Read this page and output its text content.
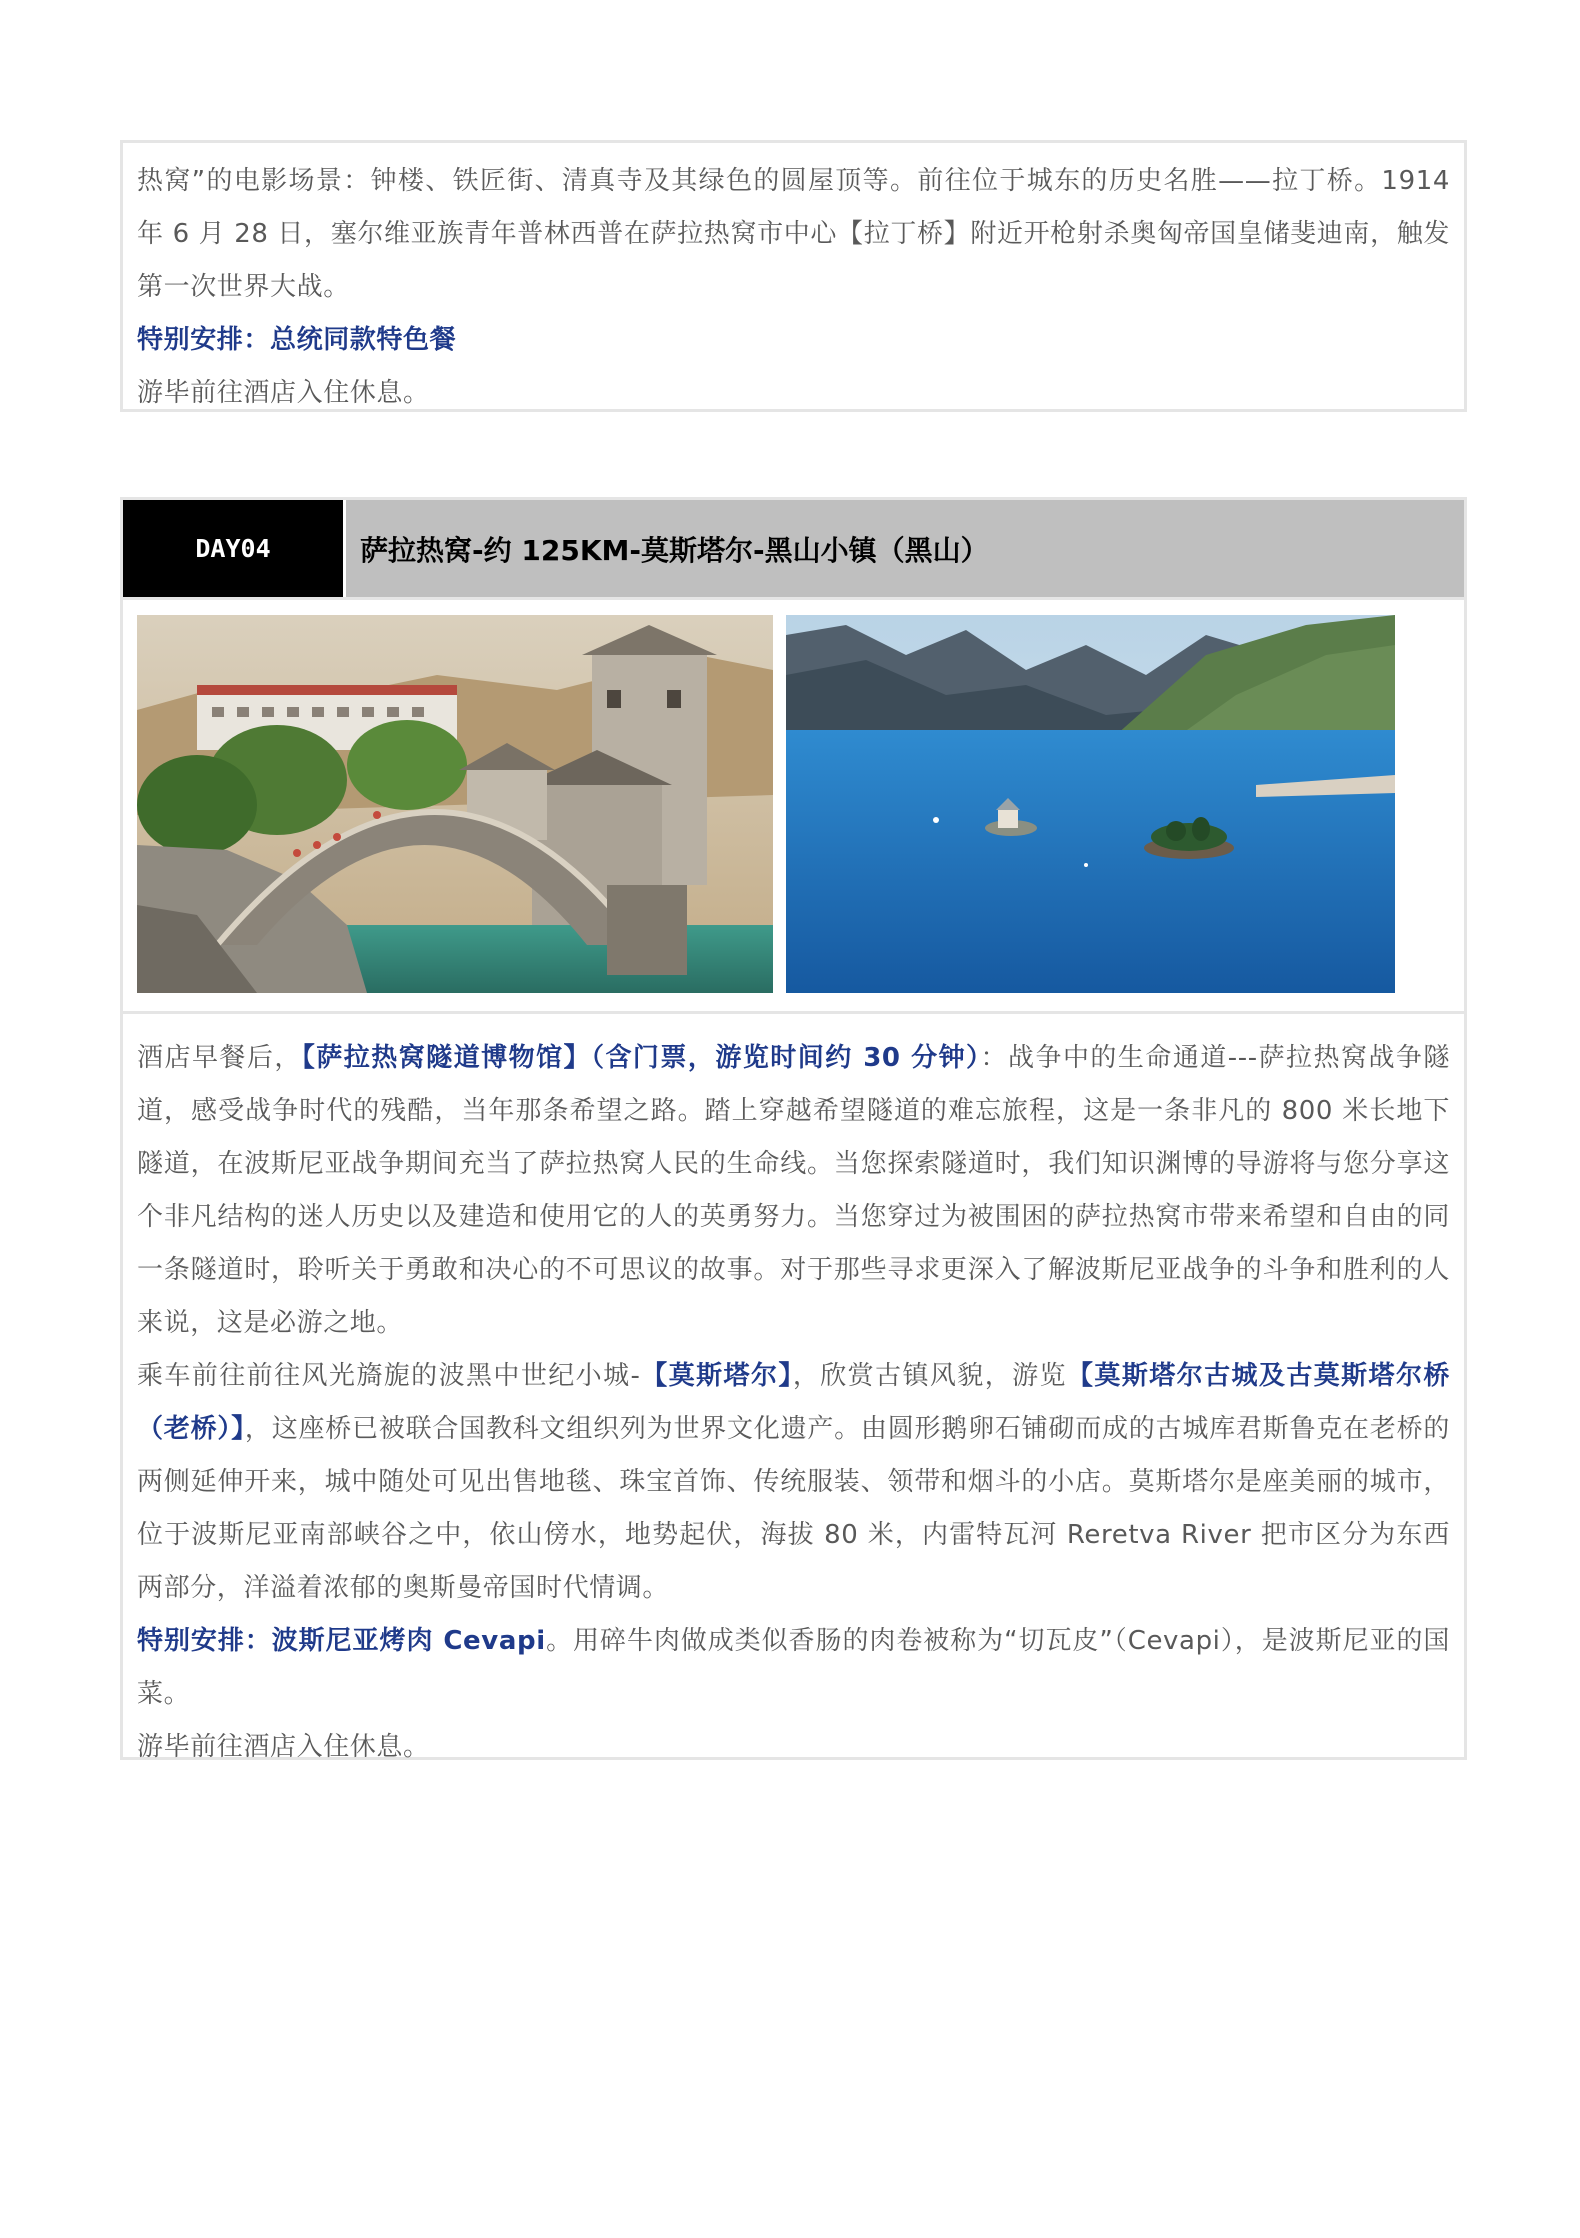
热窝”的电影场景：钟楼、铁匠街、清真寺及其绿色的圆屋顶等。前往位于城东的历史名胜——拉丁桥。1914 年 6 月 28 日，塞尔维亚族青年普林西普在萨拉热窝市中心【拉丁桥】附近开枪射杀奥匈帝国皇储斐迪南，触发第一次世界大战。
特别安排：总统同款特色餐
游毕前往酒店入住休息。
DAY04	萨拉热窝-约 125KM-莫斯塔尔-黑山小镇（黑山）
酒店早餐后，【萨拉热窝隧道博物馆】（含门票，游览时间约 30 分钟）：战争中的生命通道---萨拉热窝战争隧道，感受战争时代的残酷，当年那条希望之路。踏上穿越希望隧道的难忘旅程，这是一条非凡的 800 米长地下隧道，在波斯尼亚战争期间充当了萨拉热窝人民的生命线。当您探索隧道时，我们知识渊博的导游将与您分享这个非凡结构的迷人历史以及建造和使用它的人的英勇努力。当您穿过为被围困的萨拉热窝市带来希望和自由的同一条隧道时，聆听关于勇敢和决心的不可思议的故事。对于那些寻求更深入了解波斯尼亚战争的斗争和胜利的人来说，这是必游之地。
乘车前往前往风光旖旎的波黑中世纪小城-【莫斯塔尔】，欣赏古镇风貌，游览【莫斯塔尔古城及古莫斯塔尔桥（老桥）】，这座桥已被联合国教科文组织列为世界文化遗产。由圆形鹅卵石铺砌而成的古城库君斯鲁克在老桥的两侧延伸开来，城中随处可见出售地毯、珠宝首饰、传统服装、领带和烟斗的小店。莫斯塔尔是座美丽的城市，位于波斯尼亚南部峡谷之中，依山傍水，地势起伏，海拔 80 米，内雷特瓦河 Reretva River 把市区分为东西两部分，洋溢着浓郁的奥斯曼帝国时代情调。
特别安排：波斯尼亚烤肉 Cevapi。用碎牛肉做成类似香肠的肉卷被称为“切瓦皮”（Cevapi），是波斯尼亚的国菜。
游毕前往酒店入住休息。
